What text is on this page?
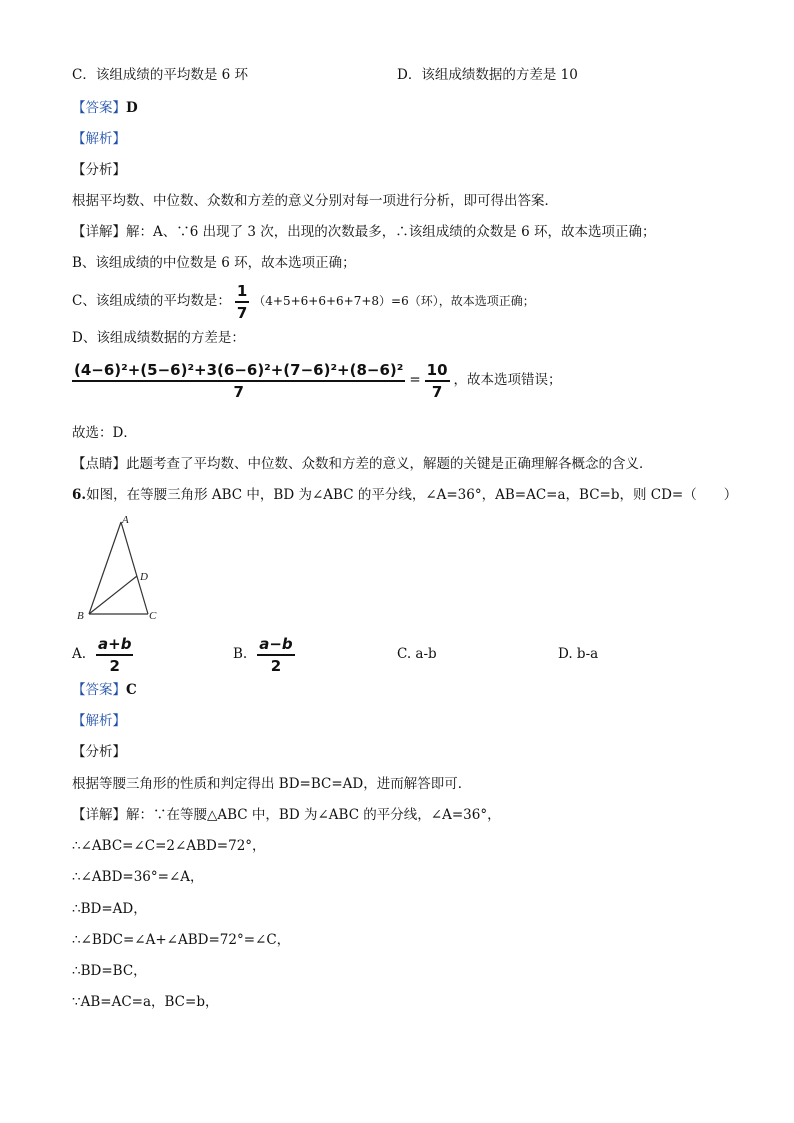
C．该组成绩的平均数是 6 环	D．该组成绩数据的方差是 10
【答案】D
【解析】
【分析】
根据平均数、中位数、众数和方差的意义分别对每一项进行分析，即可得出答案．
【详解】解：A、∵6 出现了 3 次，出现的次数最多，∴该组成绩的众数是 6 环，故本选项正确；
B、该组成绩的中位数是 6 环，故本选项正确；
C、该组成绩的平均数是： $\frac{1}{7} (4+5+6+6+6+7+8)=6$（环），故本选项正确；
D、该组成绩数据的方差是：
$\frac{\text{(4−6)²+(5−6)²+3(6−6)²+(7−6)²+(8−6)²}}{7} = \frac{10}{7}$ ，故本选项错误；
故选：D．
【点睛】此题考查了平均数、中位数、众数和方差的意义，解题的关键是正确理解各概念的含义．
6.如图，在等腰三角形 ABC 中，BD 为∠ABC 的平分线，∠A=36°，AB=AC=a，BC=b，则 CD=（　　）
A
B	C
D
A. $\frac{a+b}{2}$	B. $\frac{a-b}{2}$	C. a-b	D. b-a
【答案】C
【解析】
【分析】
根据等腰三角形的性质和判定得出 BD=BC=AD，进而解答即可．
【详解】解：∵在等腰△ABC 中，BD 为∠ABC 的平分线，∠A=36°，
∴∠ABC=∠C=2∠ABD=72°，
∴∠ABD=36°=∠A，
∴BD=AD，
∴∠BDC=∠A+∠ABD=72°=∠C，
∴BD=BC，
∵AB=AC=a，BC=b，
